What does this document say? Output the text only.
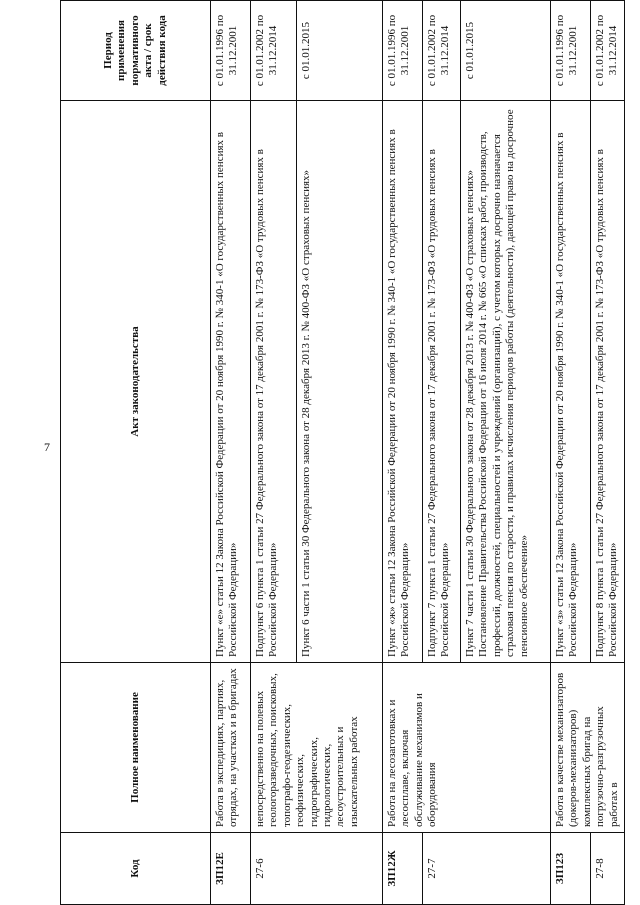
7
Код	Полное наименование	Акт законодательства	Период применения нормативного акта / срок действия кода
ЗП12Е	Работа в экспедициях, партиях, отрядах, на участках и в бригадах	Пункт «е» статьи 12 Закона Российской Федерации от 20 ноября 1990 г. № 340-1 «О государственных пенсиях в Российской Федерации»	с 01.01.1996 по 31.12.2001
27-6	непосредственно на полевых геологоразведочных, поисковых, топографо-геодезических, геофизических, гидрографических, гидрологических, лесоустроительных и изыскательных работах	Подпункт 6 пункта 1 статьи 27 Федерального закона от 17 декабря 2001 г. № 173-ФЗ «О трудовых пенсиях в Российской Федерации»	с 01.01.2002 по 31.12.2014
		Пункт 6 части 1 статьи 30 Федерального закона от 28 декабря 2013 г. № 400-ФЗ «О страховых пенсиях»	с 01.01.2015
ЗП12Ж	Работа на лесозаготовках и лесосплаве, включая обслуживание механизмов и оборудования	Пункт «ж» статьи 12 Закона Российской Федерации от 20 ноября 1990 г. № 340-1 «О государственных пенсиях в Российской Федерации»	с 01.01.1996 по 31.12.2001
27-7		Подпункт 7 пункта 1 статьи 27 Федерального закона от 17 декабря 2001 г. № 173-ФЗ «О трудовых пенсиях в Российской Федерации»	с 01.01.2002 по 31.12.2014
		Пункт 7 части 1 статьи 30 Федерального закона от 28 декабря 2013 г. № 400-ФЗ «О страховых пенсиях» Постановление Правительства Российской Федерации от 16 июля 2014 г. № 665 «О списках работ, производств, профессий, должностей, специальностей и учреждений (организаций), с учетом которых досрочно назначается страховая пенсия по старости, и правилах исчисления периодов работы (деятельности), дающей право на досрочное пенсионное обеспечение»	с 01.01.2015
ЗП12З	Работа в качестве механизаторов (докеров-механизаторов) комплексных бригад на погрузочно-разгрузочных работах в	Пункт «з» статьи 12 Закона Российской Федерации от 20 ноября 1990 г. № 340-1 «О государственных пенсиях в Российской Федерации»	с 01.01.1996 по 31.12.2001
27-8		Подпункт 8 пункта 1 статьи 27 Федерального закона от 17 декабря 2001 г. № 173-ФЗ «О трудовых пенсиях в Российской Федерации»	с 01.01.2002 по 31.12.2014
